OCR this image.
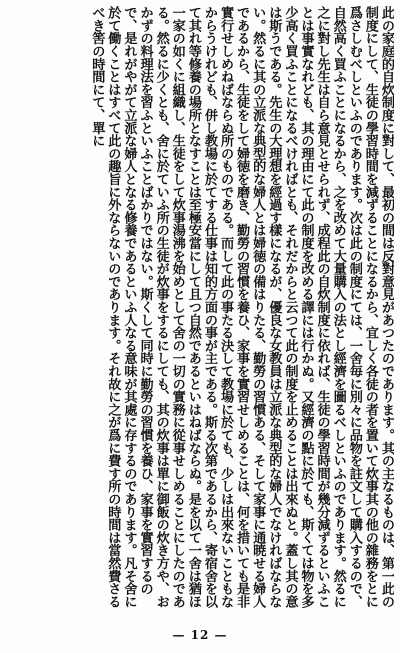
此の家庭的自炊制度に對して、最初の間は反對意見があつたのであります。其の主なるものは、第一此の制度にして、生徒の學習時間を減ずることになるから、宜しく各徒の者を置いて炊事其の他の雜務をとに爲さしむべしといふのであります。次は此の制度にては、一舍毎に別々に品物を註文して購入するので、自然高く買ふことになるから、之を改めて大量購入の法とし經濟を圖るべしといふのであります。然るに之に對し先生は自ら意見とせられず、成程此の自炊制度に依れば、生徒の學習時間が幾分減ずるといふことは事實なれども、其の理由にて此の制度を改める譯には行かぬ。又經濟の點に於ても、斯くては物を多少高く買ふことになるべければとも、それだからと云つて此の制度を止めることは出來ぬと。蓋し其の意は斯うである。先生の大理想を經過す樣になるが、優良な女教員は立派な典型的な婦人でなければならない。然るに其の立派な典型的な婦人とは婦徳の備はりたる、勤勞の習慣ある、そして家事に通暁せる婦人であるから、生徒をして婦徳を磨き、勤勞の習慣を養ひ、家事を實習せしめることは、何を措いても是非實行せしめねばならぬ所のものである。而して此の事たる決して教場に於ても、少しは出來ないこともなからうけれども、併し教場に於てする仕事は知的方面の事が主である。斯る次第であるから、寄宿舍を以て其れ等修養の場所となすことは至極安當にして且つ自然であるといはねばならぬ。是を以て一舍は猶ほ一家の如くに組織し、生徒をして炊事湯沸を始めとして舍の一切の實務に從事せしめることにしたのである。然るに少くとも、舍に於ていふ所の生徒が炊事をするにしても、其の炊事は單に御飯の炊き方や、おかずの料理法を習ふといふことばかりではない。斯くして同時に勤勞の習慣を養ひ、家事を實習するので、是れがやがて立派な婦人となる修養であるといふ人なる意味が其處に存するのであります。凡そ舍に於て働くことはすべて此の趣旨に外ならないのであります。それ故に之が爲に費す所の時間は當然費さるべき筈の時間にて、單に

— 12 —
